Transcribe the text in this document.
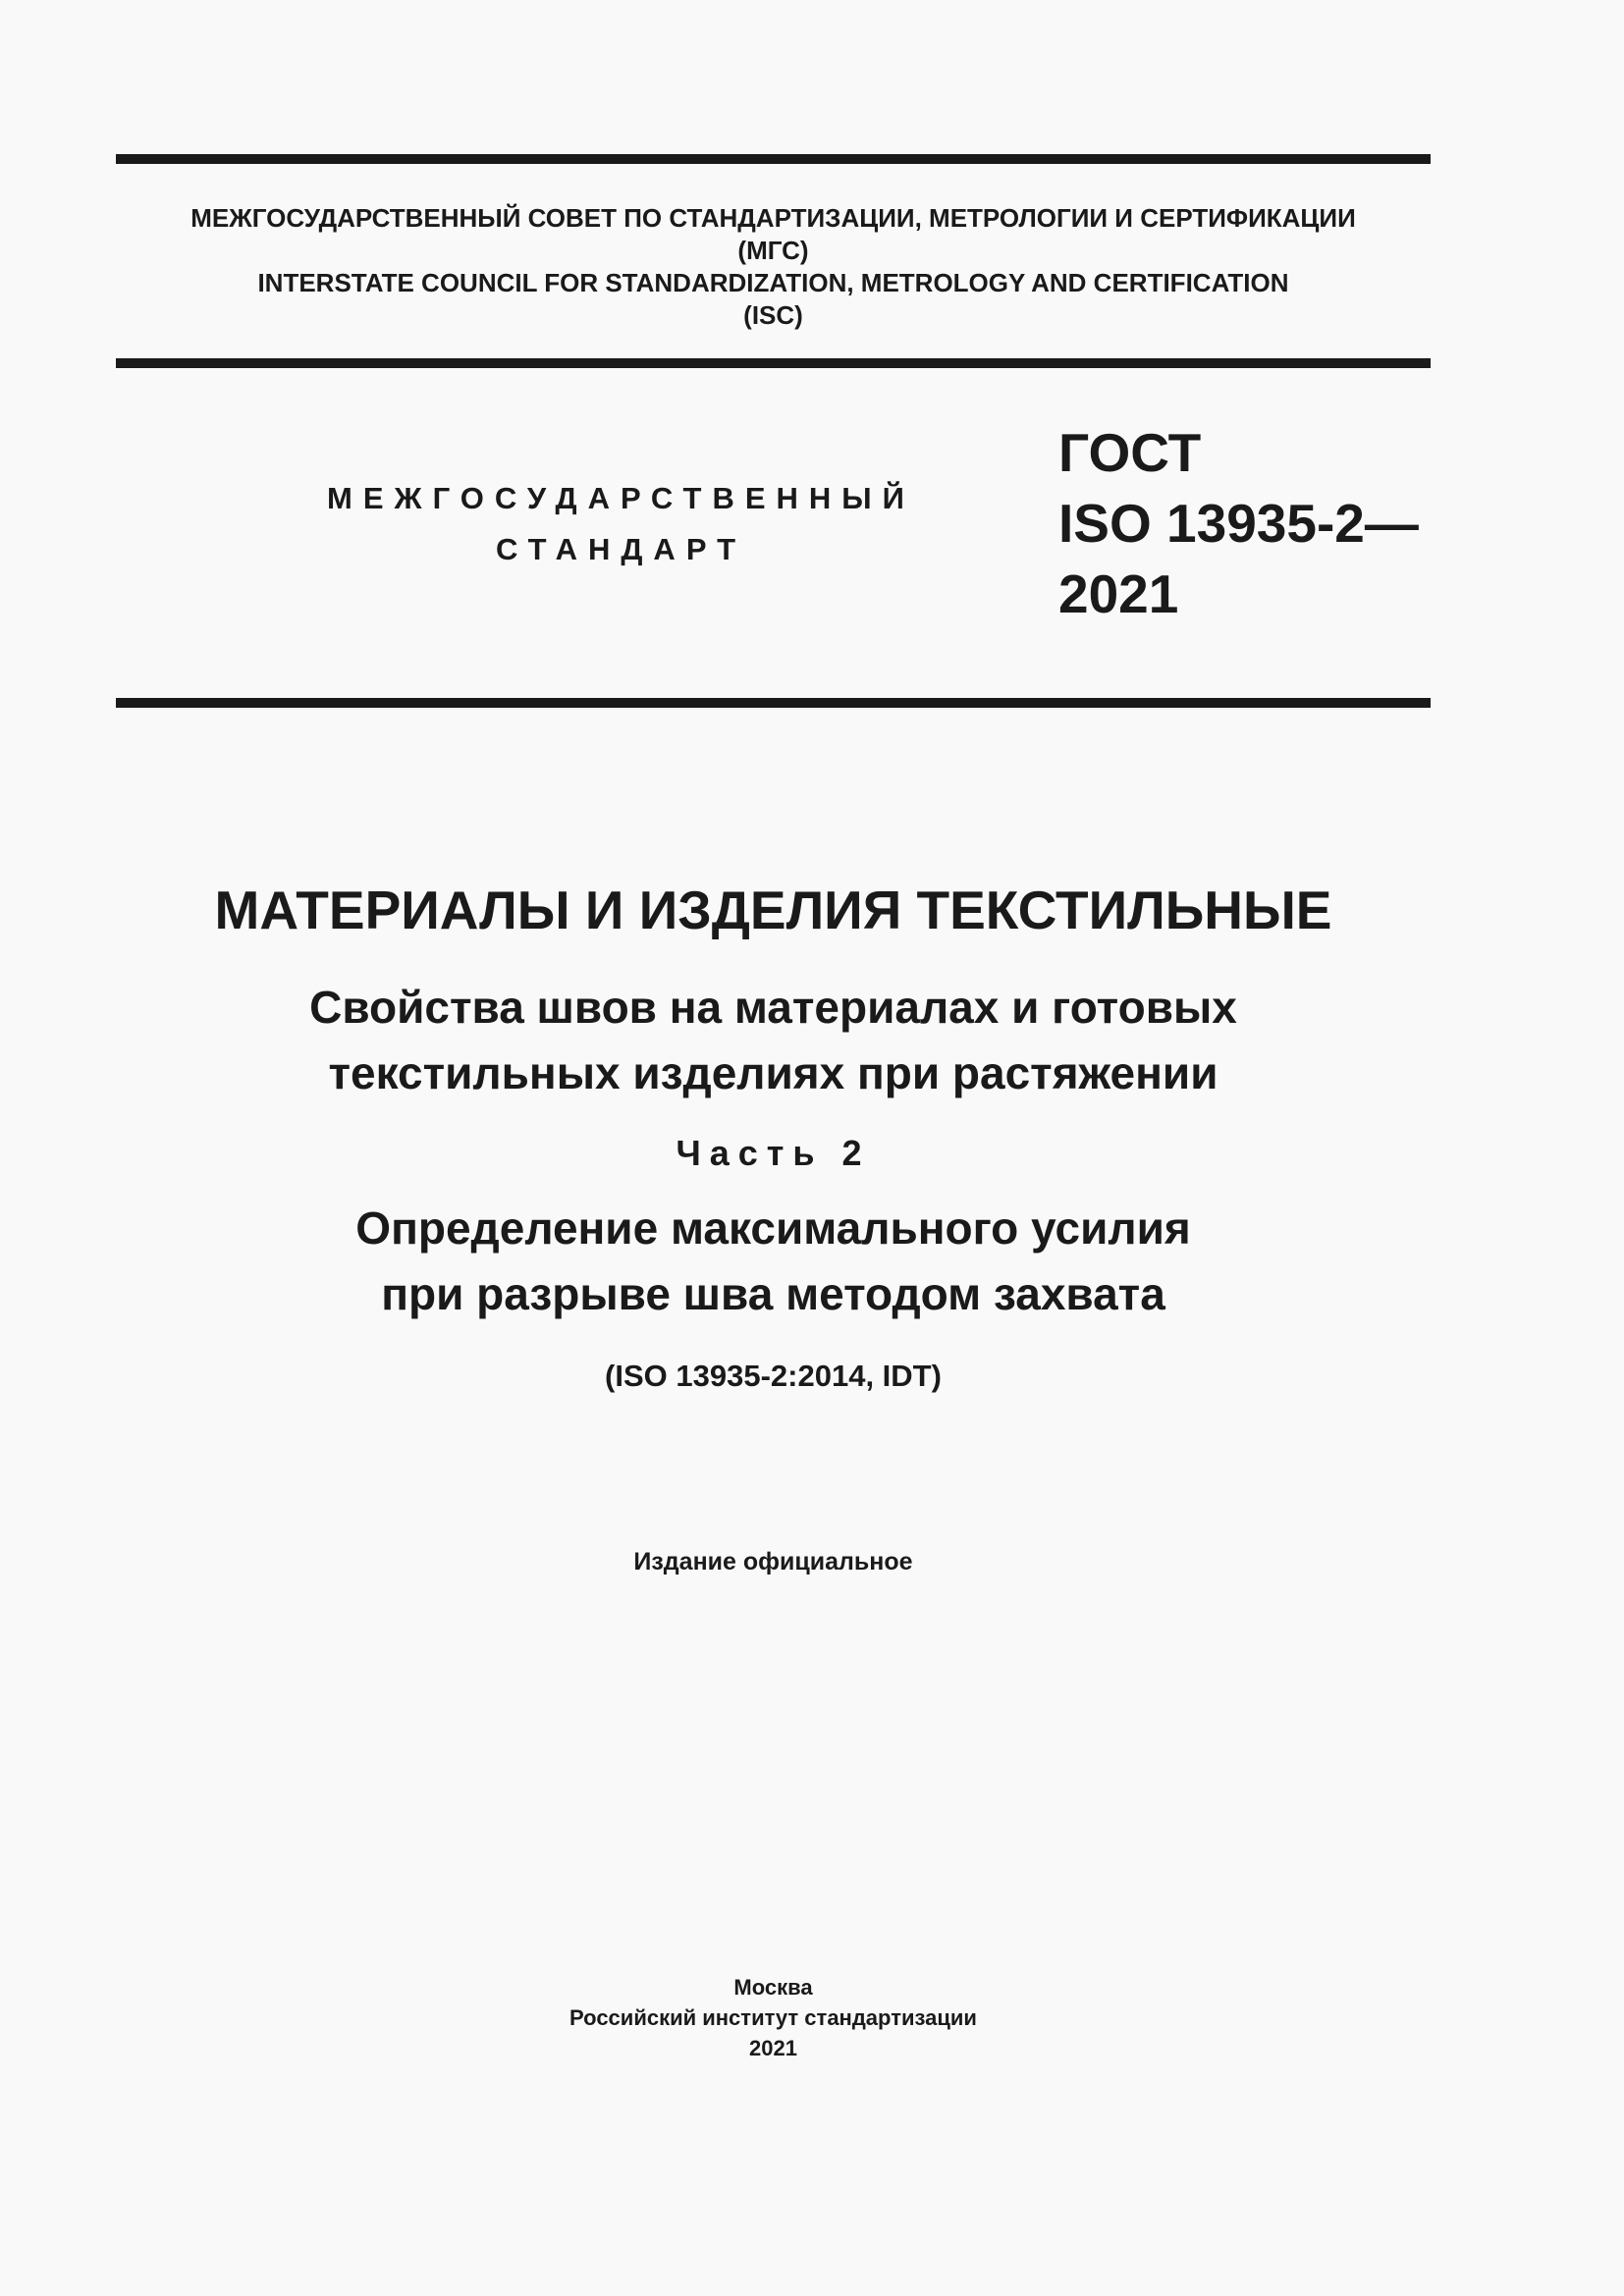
МЕЖГОСУДАРСТВЕННЫЙ СОВЕТ ПО СТАНДАРТИЗАЦИИ, МЕТРОЛОГИИ И СЕРТИФИКАЦИИ
(МГС)
INTERSTATE COUNCIL FOR STANDARDIZATION, METROLOGY AND CERTIFICATION
(ISC)
МЕЖГОСУДАРСТВЕННЫЙ
СТАНДАРТ
ГОСТ
ISO 13935-2—
2021
МАТЕРИАЛЫ И ИЗДЕЛИЯ ТЕКСТИЛЬНЫЕ
Свойства швов на материалах и готовых
текстильных изделиях при растяжении
Часть 2
Определение максимального усилия
при разрыве шва методом захвата
(ISO 13935-2:2014, IDT)
Издание официальное
Москва
Российский институт стандартизации
2021
